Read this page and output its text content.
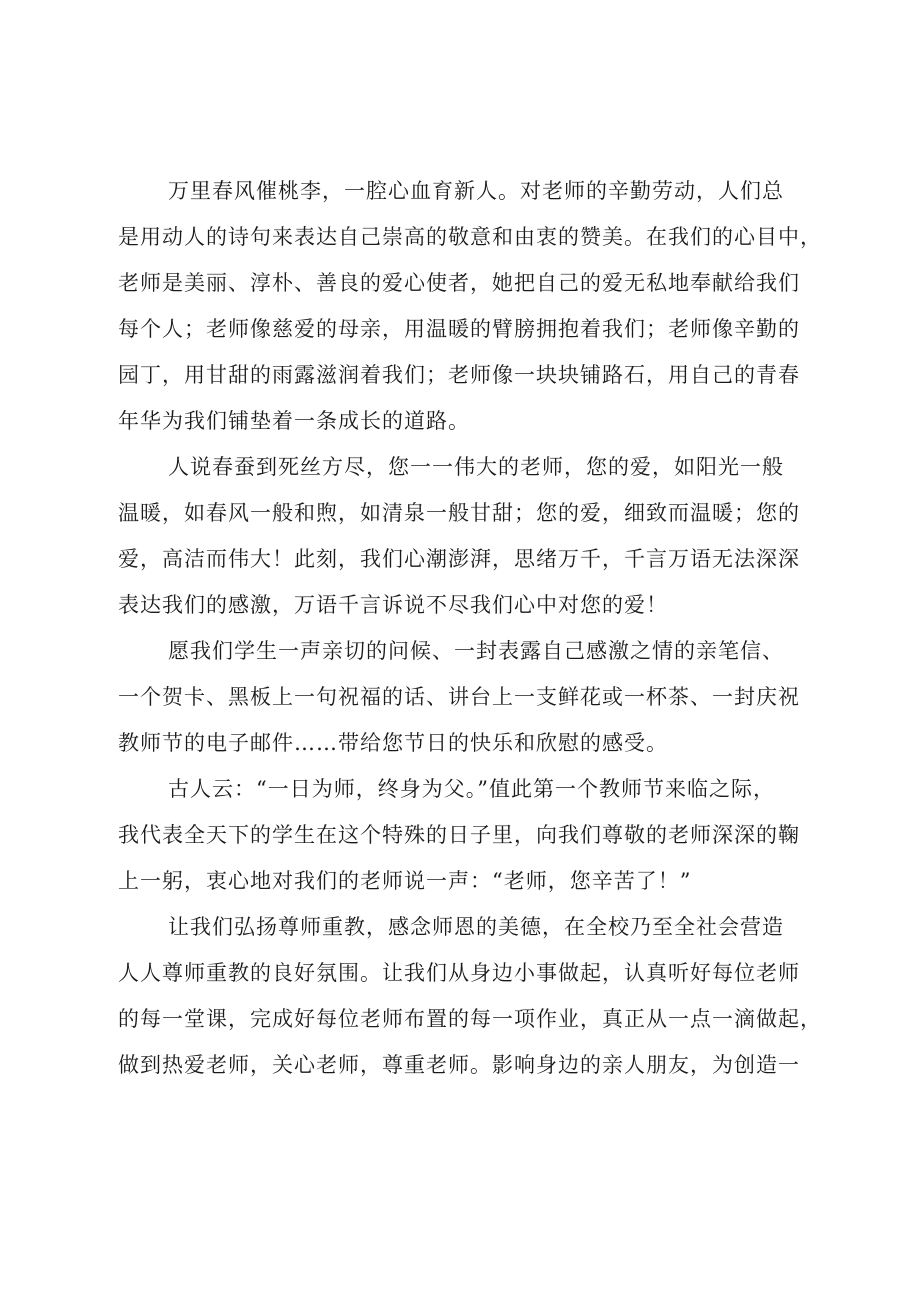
万里春风催桃李，一腔心血育新人。对老师的辛勤劳动，人们总
是用动人的诗句来表达自己崇高的敬意和由衷的赞美。在我们的心目中，
老师是美丽、淳朴、善良的爱心使者，她把自己的爱无私地奉献给我们
每个人；老师像慈爱的母亲，用温暖的臂膀拥抱着我们；老师像辛勤的
园丁，用甘甜的雨露滋润着我们；老师像一块块铺路石，用自己的青春
年华为我们铺垫着一条成长的道路。
人说春蚕到死丝方尽，您一一伟大的老师，您的爱，如阳光一般
温暖，如春风一般和煦，如清泉一般甘甜；您的爱，细致而温暖；您的
爱，高洁而伟大！此刻，我们心潮澎湃，思绪万千，千言万语无法深深
表达我们的感激，万语千言诉说不尽我们心中对您的爱！
愿我们学生一声亲切的问候、一封表露自己感激之情的亲笔信、
一个贺卡、黑板上一句祝福的话、讲台上一支鲜花或一杯茶、一封庆祝
教师节的电子邮件……带给您节日的快乐和欣慰的感受。
古人云：“一日为师，终身为父。”值此第一个教师节来临之际，
我代表全天下的学生在这个特殊的日子里，向我们尊敬的老师深深的鞠
上一躬，衷心地对我们的老师说一声：“老师，您辛苦了！”
让我们弘扬尊师重教，感念师恩的美德，在全校乃至全社会营造
人人尊师重教的良好氛围。让我们从身边小事做起，认真听好每位老师
的每一堂课，完成好每位老师布置的每一项作业，真正从一点一滴做起，
做到热爱老师，关心老师，尊重老师。影响身边的亲人朋友，为创造一
